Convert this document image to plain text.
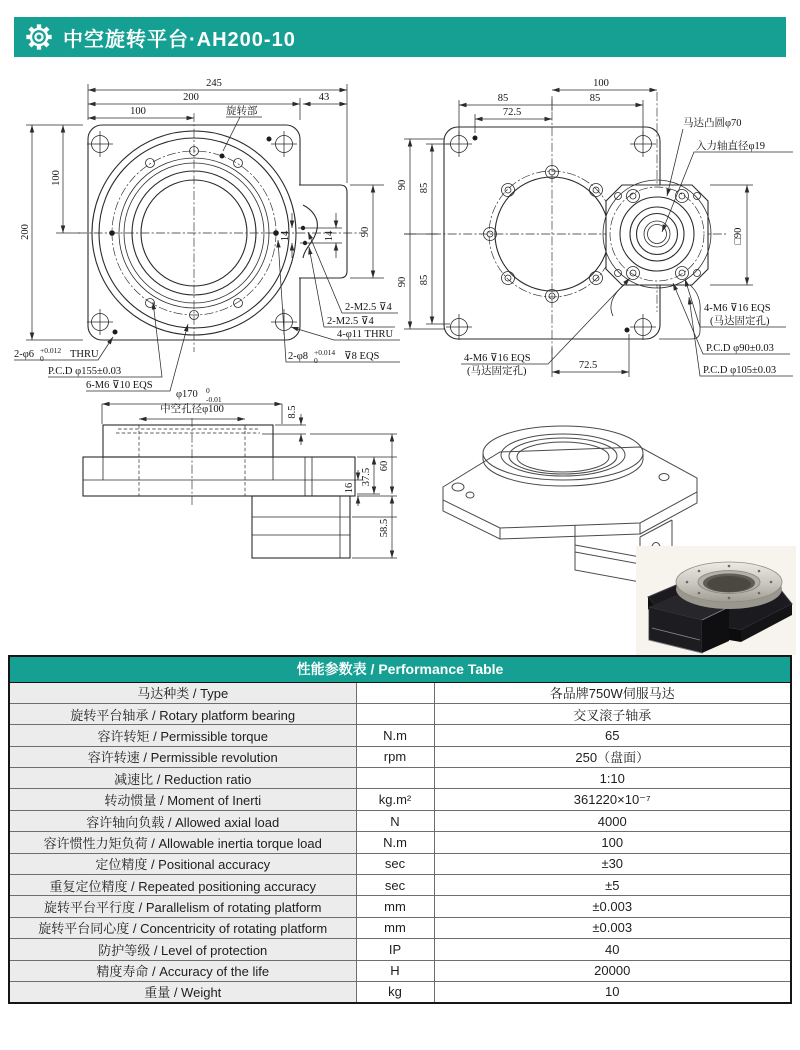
中空旋转平台·AH200-10
245
200
100
43
200
100
90
14	14
旋转部
2-φ6 +0.012
0	THRU
P.C.D φ155±0.03
6-M6 ⊽10 EQS
2-M2.5 ⊽4
2-M2.5 ⊽4
4-φ11 THRU
2-φ8 +0.014
0	⊽8 EQS
100
85	85
72.5
90 85
85
90
72.5
□90
马达凸圆φ70
入力轴直径φ19
4-M6 ⊽16 EQS
(马达固定孔)
P.C.D φ90±0.03
P.C.D φ105±0.03
4-M6 ⊽16 EQS
(马达固定孔)
φ170 0
-0.01
中空孔径φ100	8.5
60
37.5
16
58.5
性能参数表 / Performance Table		
马达种类 / Type		各品牌750W伺服马达
旋转平台轴承 / Rotary platform bearing		交叉滚子轴承
容许转矩 / Permissible torque	N.m	65
容许转速 / Permissible revolution	rpm	250（盘面）
减速比 / Reduction ratio		1:10
转动惯量 / Moment of Inerti	kg.m²	361220×10⁻⁷
容许轴向负载 / Allowed axial load	N	4000
容许惯性力矩负荷 / Allowable inertia torque load	N.m	100
定位精度 / Positional accuracy	sec	±30
重复定位精度 / Repeated positioning accuracy	sec	±5
旋转平台平行度 / Parallelism of rotating platform	mm	±0.003
旋转平台同心度 / Concentricity of rotating platform	mm	±0.003
防护等级 / Level of protection	IP	40
精度寿命 / Accuracy of the life	H	20000
重量 / Weight	kg	10
